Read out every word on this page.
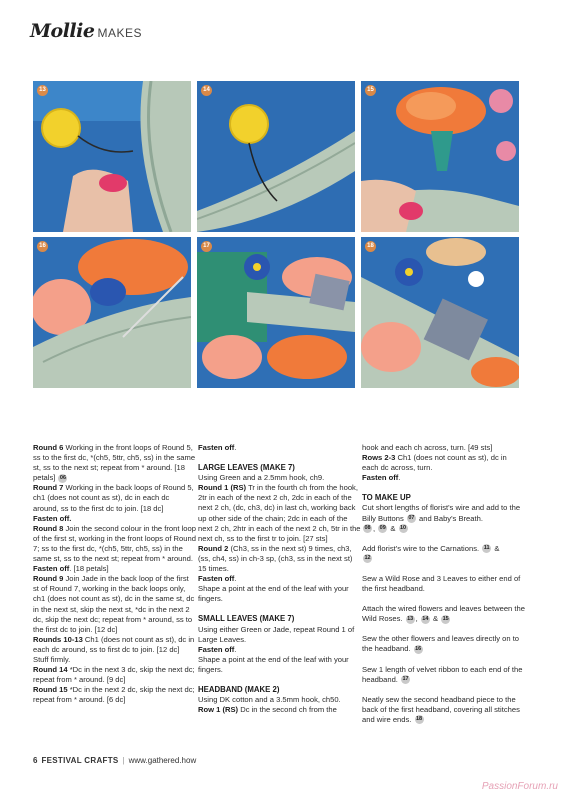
Mollie MAKES
13	14	15
16	17	18

Round 6 Working in the front loops of Round 5, ss to the first dc, *(ch5, 5ttr, ch5, ss) in the same st, ss to the next st; repeat from * around. [18 petals] 06

Round 7 Working in the back loops of Round 5, ch1 (does not count as st), dc in each dc around, ss to the first dc to join. [18 dc]

Fasten off.

Round 8 Join the second colour in the front loop of the first st, working in the front loops of Round 7; ss to the first dc, *(ch5, 5ttr, ch5, ss) in the same st, ss to the next st; repeat from * around.

Fasten off. [18 petals]

Round 9 Join Jade in the back loop of the first st of Round 7, working in the back loops only, ch1 (does not count as st), dc in the same st, dc in the next st, skip the next st, *dc in the next 2 dc, skip the next dc; repeat from * around, ss to the first dc to join. [12 dc]

Rounds 10-13 Ch1 (does not count as st), dc in each dc around, ss to first dc to join. [12 dc] Stuff firmly.

Round 14 *Dc in the next 3 dc, skip the next dc; repeat from * around. [9 dc]

Round 15 *Dc in the next 2 dc, skip the next dc; repeat from * around. [6 dc]

Fasten off.

LARGE LEAVES (MAKE 7)

Using Green and a 2.5mm hook, ch9.

Round 1 (RS) Tr in the fourth ch from the hook, 2tr in each of the next 2 ch, 2dc in each of the next 2 ch, (dc, ch3, dc) in last ch, working back up other side of the chain; 2dc in each of the next 2 ch, 2htr in each of the next 2 ch, 5tr in the next ch, ss to the first tr to join. [27 sts]

Round 2 (Ch3, ss in the next st) 9 times, ch3, (ss, ch4, ss) in ch-3 sp, (ch3, ss in the next st) 15 times.

Fasten off.

Shape a point at the end of the leaf with your fingers.

SMALL LEAVES (MAKE 7)

Using either Green or Jade, repeat Round 1 of Large Leaves.

Fasten off.

Shape a point at the end of the leaf with your fingers.

HEADBAND (MAKE 2)

Using DK cotton and a 3.5mm hook, ch50.

Row 1 (RS) Dc in the second ch from the

hook and each ch across, turn. [49 sts]

Rows 2-3 Ch1 (does not count as st), dc in each dc across, turn.

Fasten off.

TO MAKE UP

Cut short lengths of florist's wire and add to the Billy Buttons 07 and Baby's Breath.
08 , 09 & 10

Add florist's wire to the Carnations. 11 &
12

Sew a Wild Rose and 3 Leaves to either end of the first headband.

Attach the wired flowers and leaves between the Wild Roses. 13 , 14 & 15

Sew the other flowers and leaves directly on to the headband. 16

Sew 1 length of velvet ribbon to each end of the headband. 17

Neatly sew the second headband piece to the back of the first headband, covering all stitches and wire ends. 18

6 FESTIVAL CRAFTS | www.gathered.how
PassionForum.ru
